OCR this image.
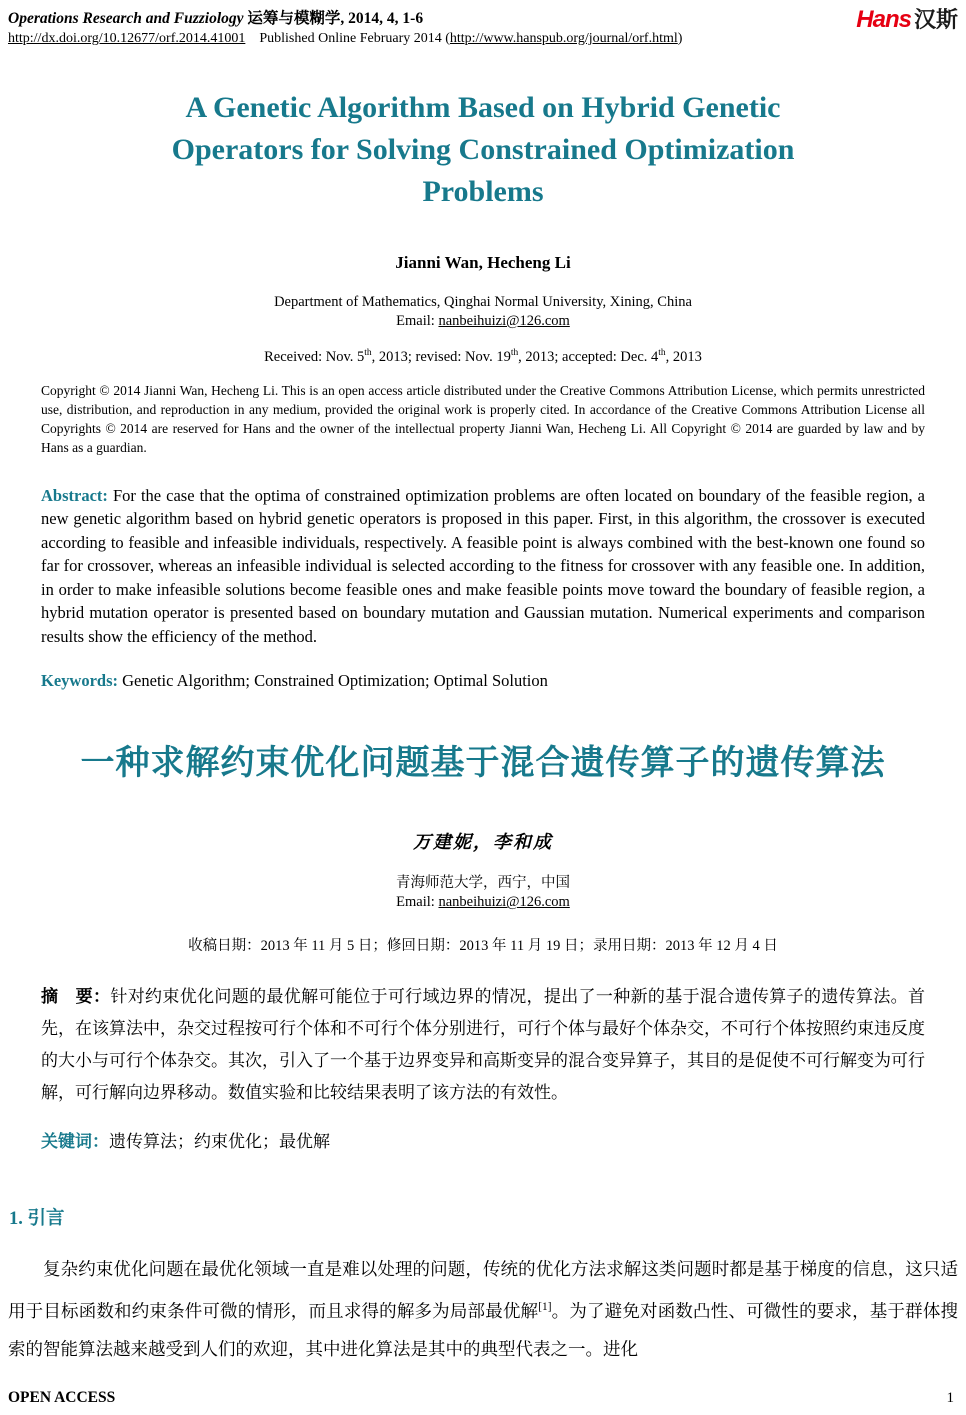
Operations Research and Fuzziology 运筹与模糊学, 2014, 4, 1-6
http://dx.doi.org/10.12677/orf.2014.41001 Published Online February 2014 (http://www.hanspub.org/journal/orf.html)
Hans 汉斯
A Genetic Algorithm Based on Hybrid Genetic Operators for Solving Constrained Optimization Problems
Jianni Wan, Hecheng Li
Department of Mathematics, Qinghai Normal University, Xining, China
Email: nanbeihuizi@126.com
Received: Nov. 5th, 2013; revised: Nov. 19th, 2013; accepted: Dec. 4th, 2013
Copyright © 2014 Jianni Wan, Hecheng Li. This is an open access article distributed under the Creative Commons Attribution License, which permits unrestricted use, distribution, and reproduction in any medium, provided the original work is properly cited. In accordance of the Creative Commons Attribution License all Copyrights © 2014 are reserved for Hans and the owner of the intellectual property Jianni Wan, Hecheng Li. All Copyright © 2014 are guarded by law and by Hans as a guardian.

Abstract: For the case that the optima of constrained optimization problems are often located on boundary of the feasible region, a new genetic algorithm based on hybrid genetic operators is proposed in this paper. First, in this algorithm, the crossover is executed according to feasible and infeasible individuals, respectively. A feasible point is always combined with the best-known one found so far for crossover, whereas an infeasible individual is selected according to the fitness for crossover with any feasible one. In addition, in order to make infeasible solutions become feasible ones and make feasible points move toward the boundary of feasible region, a hybrid mutation operator is presented based on boundary mutation and Gaussian mutation. Numerical experiments and comparison results show the efficiency of the method.

Keywords: Genetic Algorithm; Constrained Optimization; Optimal Solution

一种求解约束优化问题基于混合遗传算子的遗传算法
万建妮，李和成
青海师范大学，西宁，中国
Email: nanbeihuizi@126.com
收稿日期：2013 年 11 月 5 日；修回日期：2013 年 11 月 19 日；录用日期：2013 年 12 月 4 日

摘　要：针对约束优化问题的最优解可能位于可行域边界的情况，提出了一种新的基于混合遗传算子的遗传算法。首先，在该算法中，杂交过程按可行个体和不可行个体分别进行，可行个体与最好个体杂交，不可行个体按照约束违反度的大小与可行个体杂交。其次，引入了一个基于边界变异和高斯变异的混合变异算子，其目的是促使不可行解变为可行解，可行解向边界移动。数值实验和比较结果表明了该方法的有效性。

关键词：遗传算法；约束优化；最优解

1. 引言

复杂约束优化问题在最优化领域一直是难以处理的问题，传统的优化方法求解这类问题时都是基于梯度的信息，这只适用于目标函数和约束条件可微的情形，而且求得的解多为局部最优解[1]。为了避免对函数凸性、可微性的要求，基于群体搜索的智能算法越来越受到人们的欢迎，其中进化算法是其中的典型代表之一。进化

OPEN ACCESS	1
